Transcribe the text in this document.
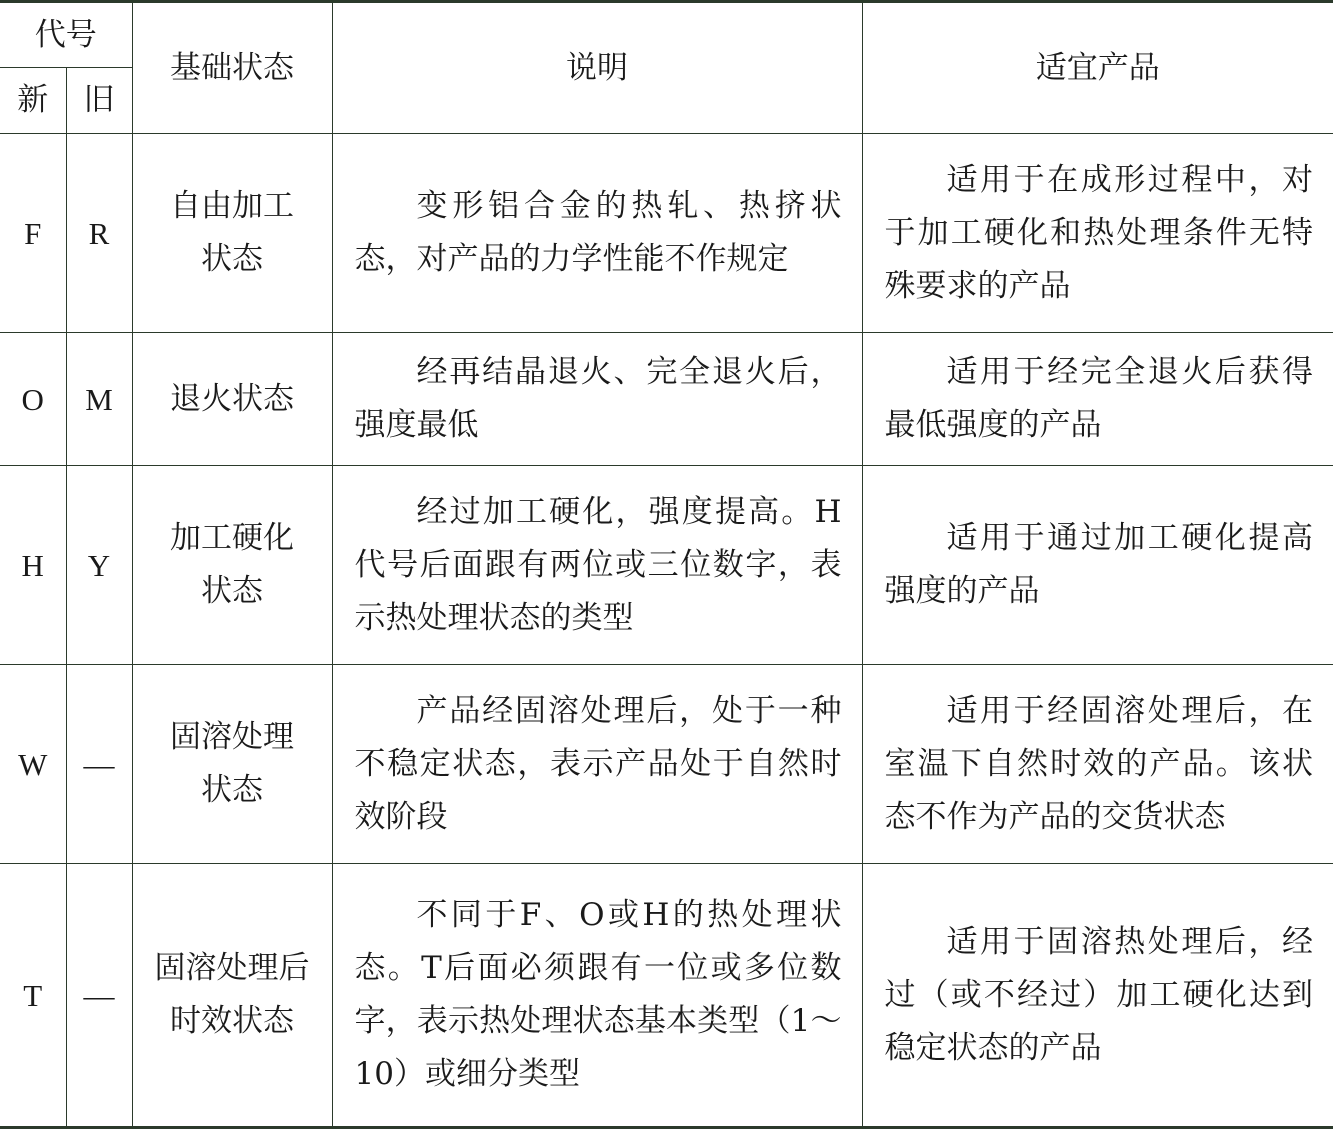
代号		基础状态	说明	适宜产品
新	旧			
F	R	自由加工状态	变形铝合金的热轧、热挤状态，对产品的力学性能不作规定	适用于在成形过程中，对于加工硬化和热处理条件无特殊要求的产品

O	M	退火状态	经再结晶退火、完全退火后，强度最低	适用于经完全退火后获得最低强度的产品

H	Y	加工硬化状态	经过加工硬化，强度提高。H代号后面跟有两位或三位数字，表示热处理状态的类型	适用于通过加工硬化提高强度的产品

W	—	固溶处理状态	产品经固溶处理后，处于一种不稳定状态，表示产品处于自然时效阶段	适用于经固溶处理后，在室温下自然时效的产品。该状态不作为产品的交货状态

T	—	固溶处理后时效状态	不同于F、O或H的热处理状态。T后面必须跟有一位或多位数字，表示热处理状态基本类型（1～10）或细分类型	适用于固溶热处理后，经过（或不经过）加工硬化达到稳定状态的产品
